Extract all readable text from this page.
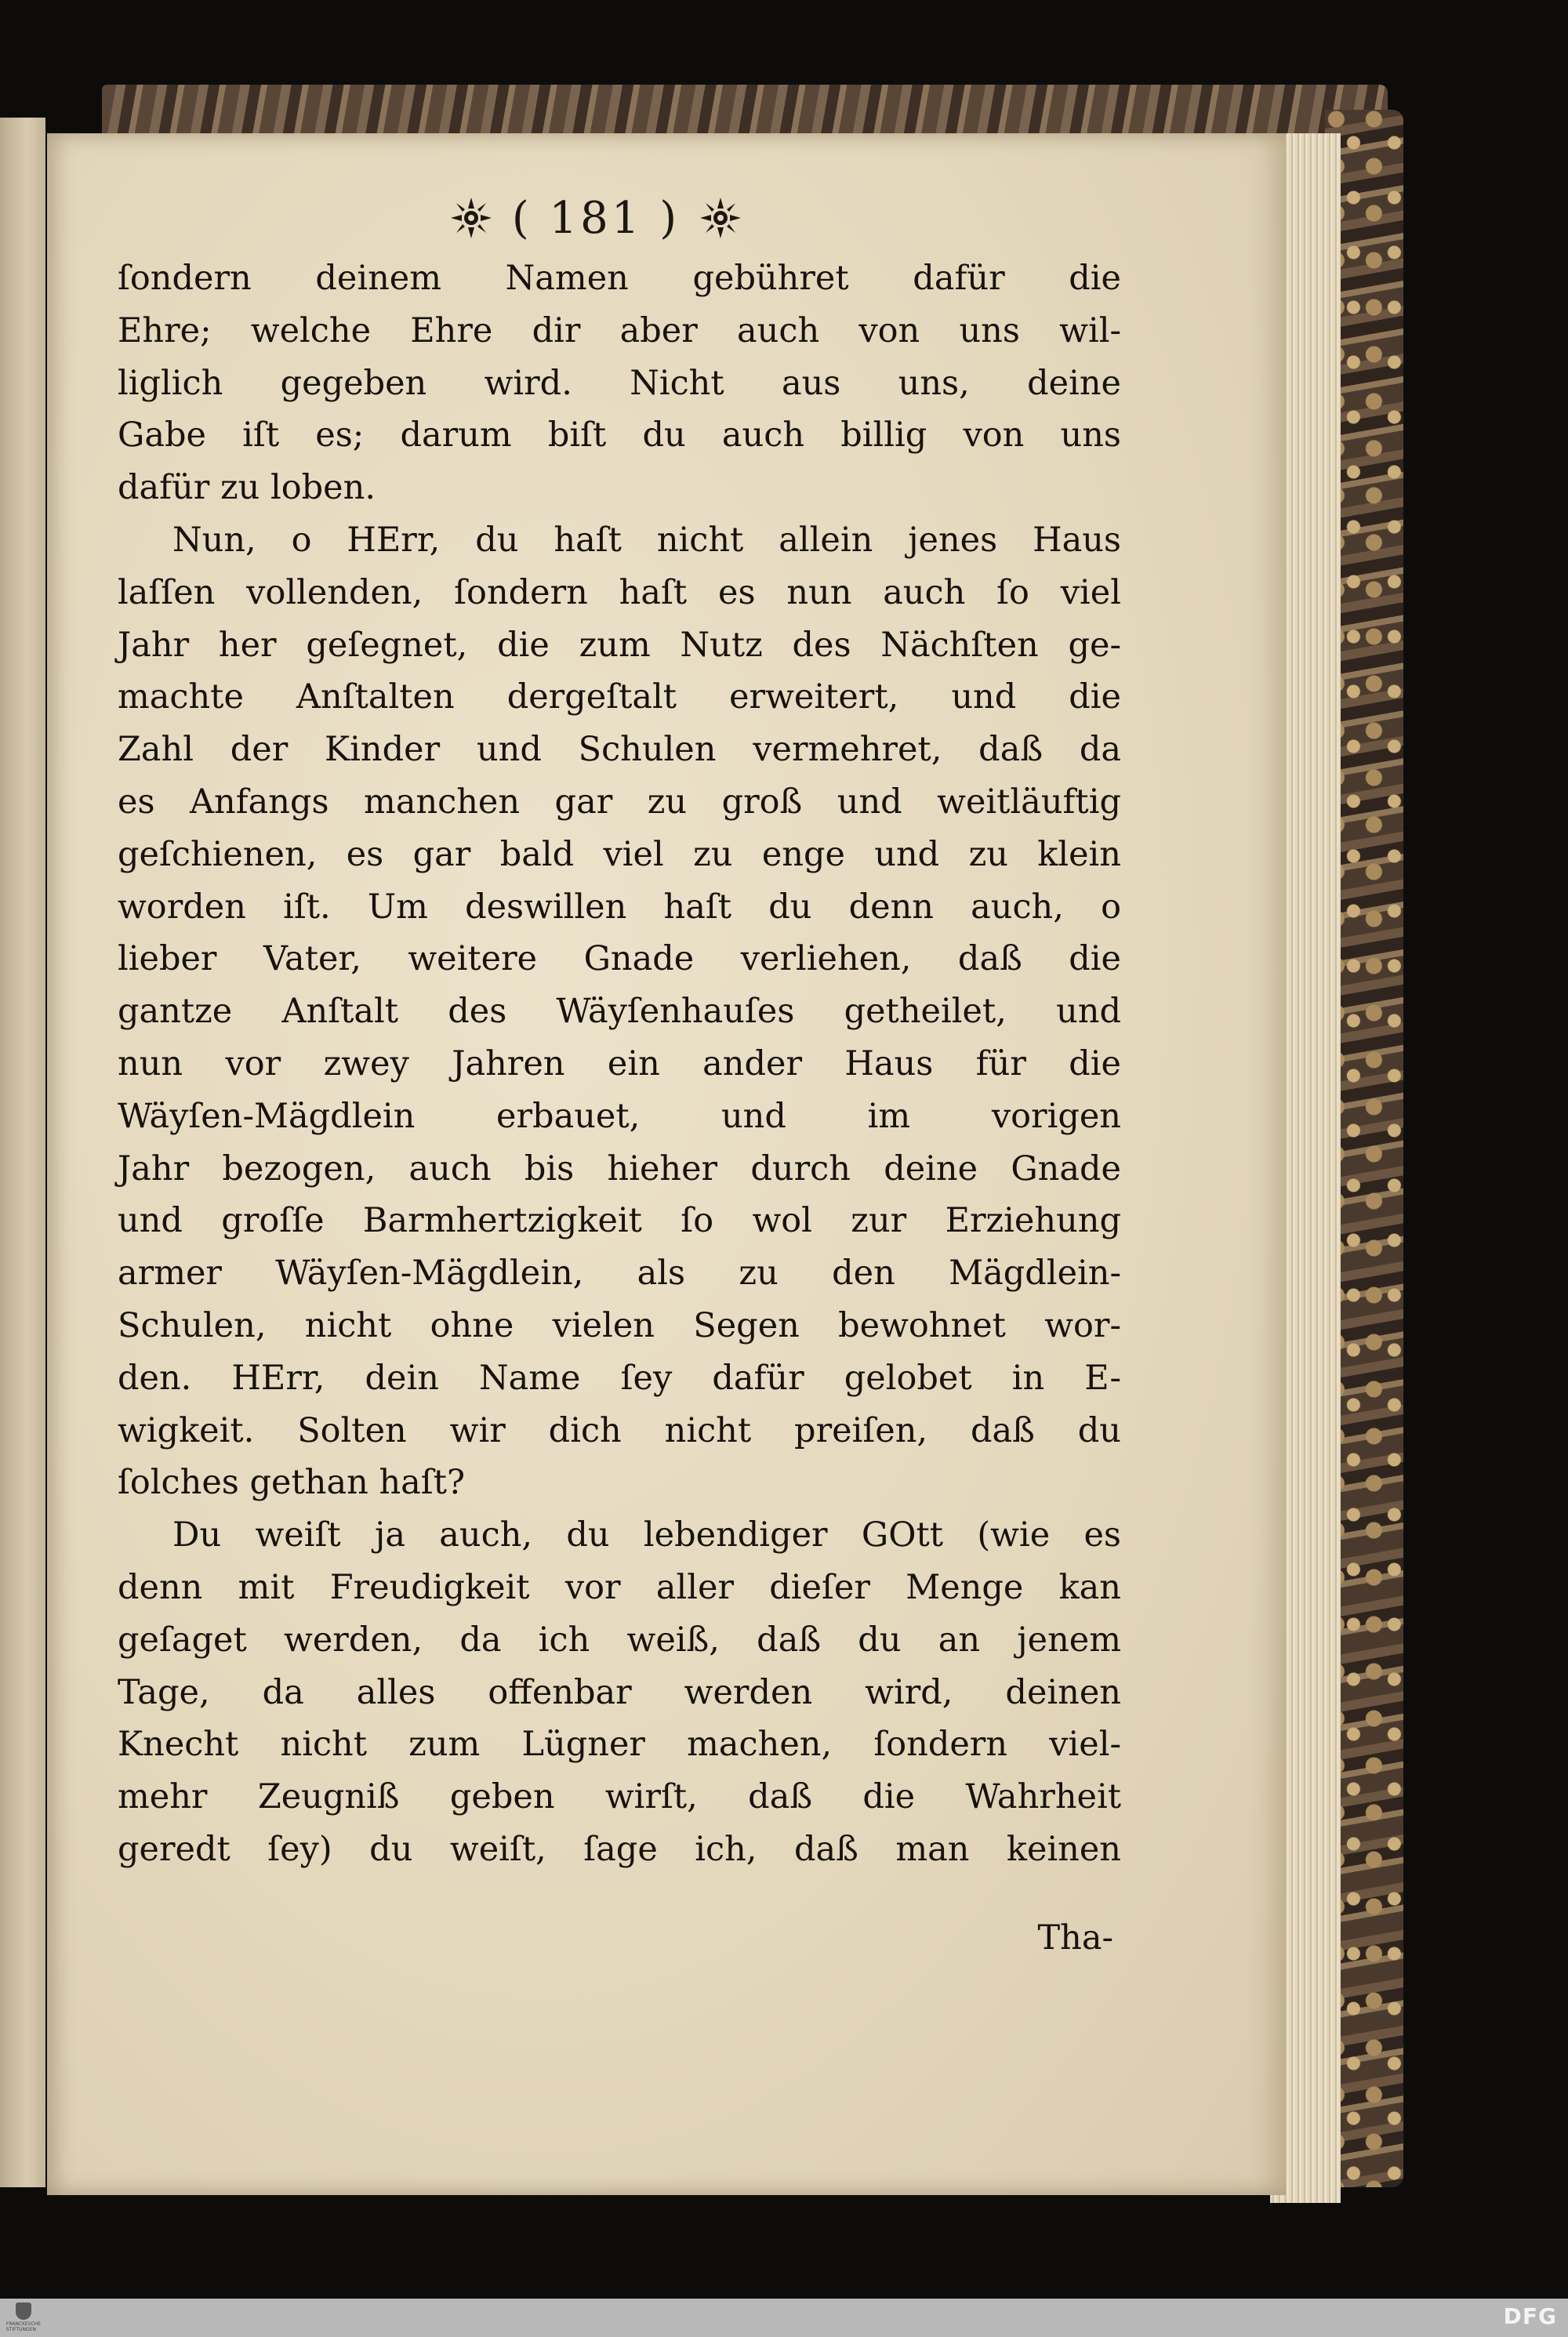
( 181 )
ſondern deinem Namen gebühret dafür die
Ehre; welche Ehre dir aber auch von uns wil-
liglich gegeben wird. Nicht aus uns, deine
Gabe iſt es; darum biſt du auch billig von uns
dafür zu loben.
Nun, o HErr, du haſt nicht allein jenes Haus
laſſen vollenden, ſondern haſt es nun auch ſo viel
Jahr her geſegnet, die zum Nutz des Nächſten ge-
machte Anſtalten dergeſtalt erweitert, und die
Zahl der Kinder und Schulen vermehret, daß da
es Anfangs manchen gar zu groß und weitläuftig
geſchienen, es gar bald viel zu enge und zu klein
worden iſt. Um deswillen haſt du denn auch, o
lieber Vater, weitere Gnade verliehen, daß die
gantze Anſtalt des Wäyſenhauſes getheilet, und
nun vor zwey Jahren ein ander Haus für die
Wäyſen-Mägdlein erbauet, und im vorigen
Jahr bezogen, auch bis hieher durch deine Gnade
und groſſe Barmhertzigkeit ſo wol zur Erziehung
armer Wäyſen-Mägdlein, als zu den Mägdlein-
Schulen, nicht ohne vielen Segen bewohnet wor-
den. HErr, dein Name ſey dafür gelobet in E-
wigkeit. Solten wir dich nicht preiſen, daß du
ſolches gethan haſt?
Du weiſt ja auch, du lebendiger GOtt (wie es
denn mit Freudigkeit vor aller dieſer Menge kan
geſaget werden, da ich weiß, daß du an jenem
Tage, da alles offenbar werden wird, deinen
Knecht nicht zum Lügner machen, ſondern viel-
mehr Zeugniß geben wirſt, daß die Wahrheit
geredt ſey) du weiſt, ſage ich, daß man keinen
Tha-
FRANCKESCHE STIFTUNGEN
DFG
